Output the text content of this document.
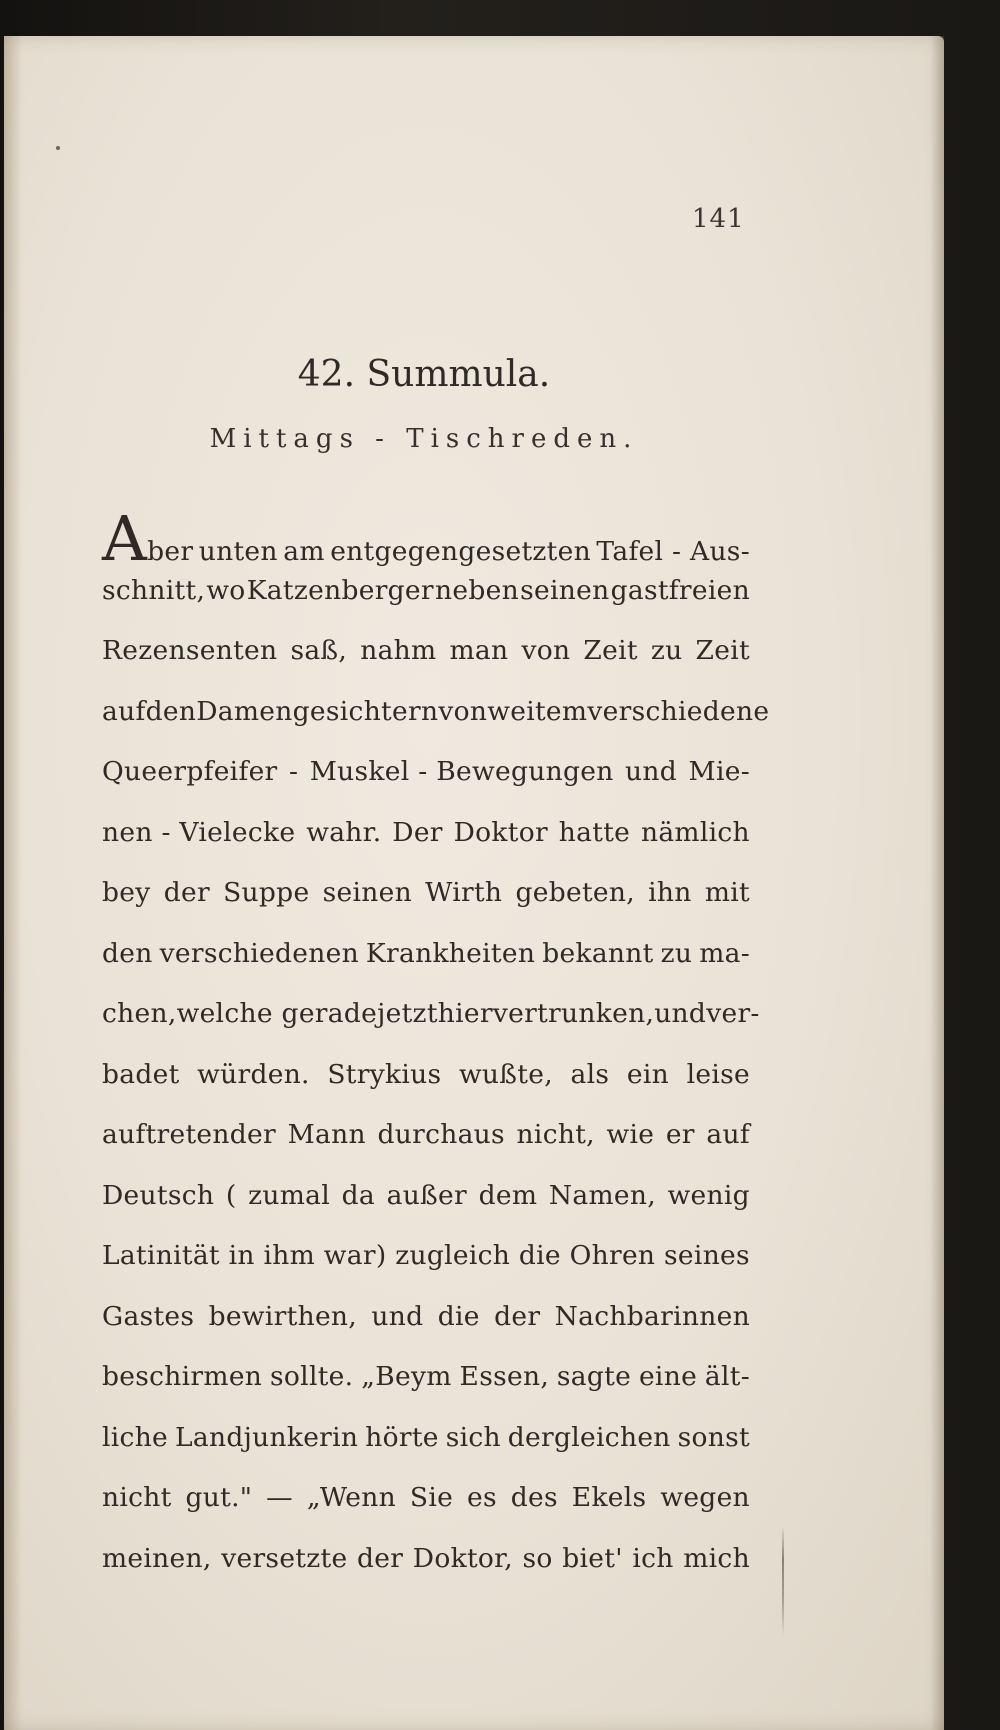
141
42. Summula.
Mittags - Tischreden.
Aber unten am entgegengesetzten Tafel - Aus-
schnitt, wo Katzenberger neben seinen gastfreien
Rezensenten saß, nahm man von Zeit zu Zeit
auf den Damengesichtern von weitem verschiedene
Queerpfeifer - Muskel - Bewegungen und Mie-
nen - Vielecke wahr. Der Doktor hatte nämlich
bey der Suppe seinen Wirth gebeten, ihn mit
den verschiedenen Krankheiten bekannt zu ma-
chen, welche gerade jetzt hier vertrunken, und ver-
badet würden. Strykius wußte, als ein leise
auftretender Mann durchaus nicht, wie er auf
Deutsch ( zumal da außer dem Namen, wenig
Latinität in ihm war) zugleich die Ohren seines
Gastes bewirthen, und die der Nachbarinnen
beschirmen sollte. „Beym Essen, sagte eine ält-
liche Landjunkerin hörte sich dergleichen sonst
nicht gut." — „Wenn Sie es des Ekels wegen
meinen, versetzte der Doktor, so biet' ich mich
